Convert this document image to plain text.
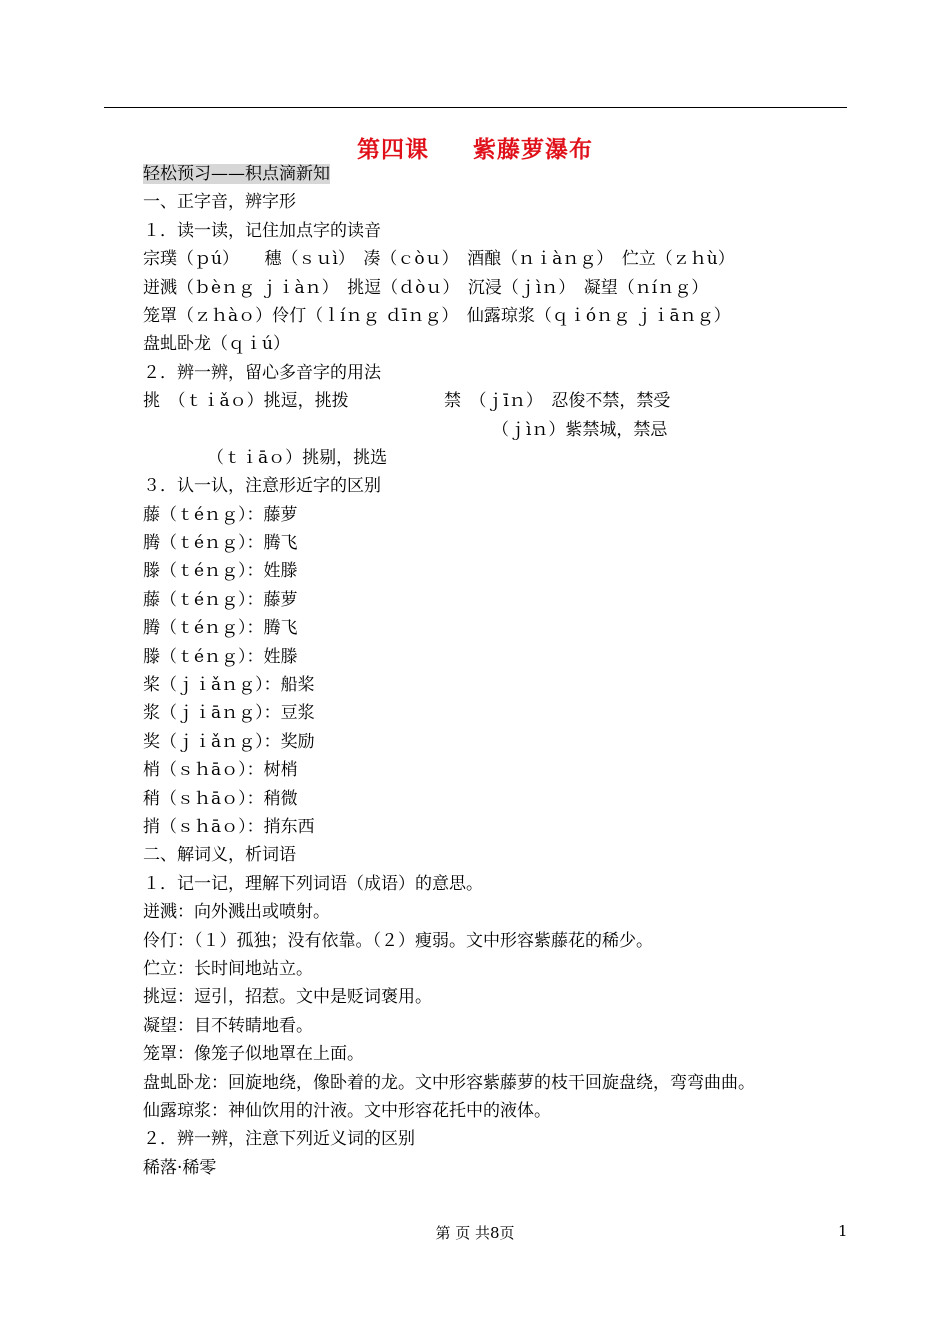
第四课 紫藤萝瀑布
轻松预习——积点滴新知
一、正字音，辨字形
１．读一读，记住加点字的读音
宗璞（ｐú）　　穗（ｓｕì）　凑（ｃòｕ）　酒酿（ｎｉàｎｇ）　伫立（ｚｈù）
迸溅（ｂèｎｇ ｊｉàｎ）　挑逗（ｄòｕ）　沉浸（ｊìｎ）　凝望（ｎíｎｇ）
笼罩（ｚｈàｏ）伶仃（ｌíｎｇ ｄīｎｇ）　仙露琼浆（ｑｉóｎｇ ｊｉāｎｇ）
盘虬卧龙（ｑｉú）
２．辨一辨，留心多音字的用法

挑　（ｔｉǎｏ）挑逗，挑拨

	禁　（ｊīｎ）　忍俊不禁，禁受

（ｊìｎ）紫禁城，禁忌

（ｔｉāｏ）挑剔，挑选

３．认一认，注意形近字的区别
藤（ｔéｎｇ）：藤萝
腾（ｔéｎｇ）：腾飞
滕（ｔéｎｇ）：姓滕
藤（ｔéｎｇ）：藤萝
腾（ｔéｎｇ）：腾飞
滕（ｔéｎｇ）：姓滕
桨（ｊｉǎｎｇ）：船桨
浆（ｊｉāｎｇ）：豆浆
奖（ｊｉǎｎｇ）：奖励
梢（ｓｈāｏ）：树梢
稍（ｓｈāｏ）：稍微
捎（ｓｈāｏ）：捎东西
二、解词义，析词语
１．记一记，理解下列词语（成语）的意思。
迸溅：向外溅出或喷射。
伶仃：（１）孤独；没有依靠。（２）瘦弱。文中形容紫藤花的稀少。
伫立：长时间地站立。
挑逗：逗引，招惹。文中是贬词褒用。
凝望：目不转睛地看。
笼罩：像笼子似地罩在上面。
盘虬卧龙：回旋地绕，像卧着的龙。文中形容紫藤萝的枝干回旋盘绕，弯弯曲曲。
仙露琼浆：神仙饮用的汁液。文中形容花托中的液体。
２．辨一辨，注意下列近义词的区别
稀落·稀零
第 页 共8页	1
